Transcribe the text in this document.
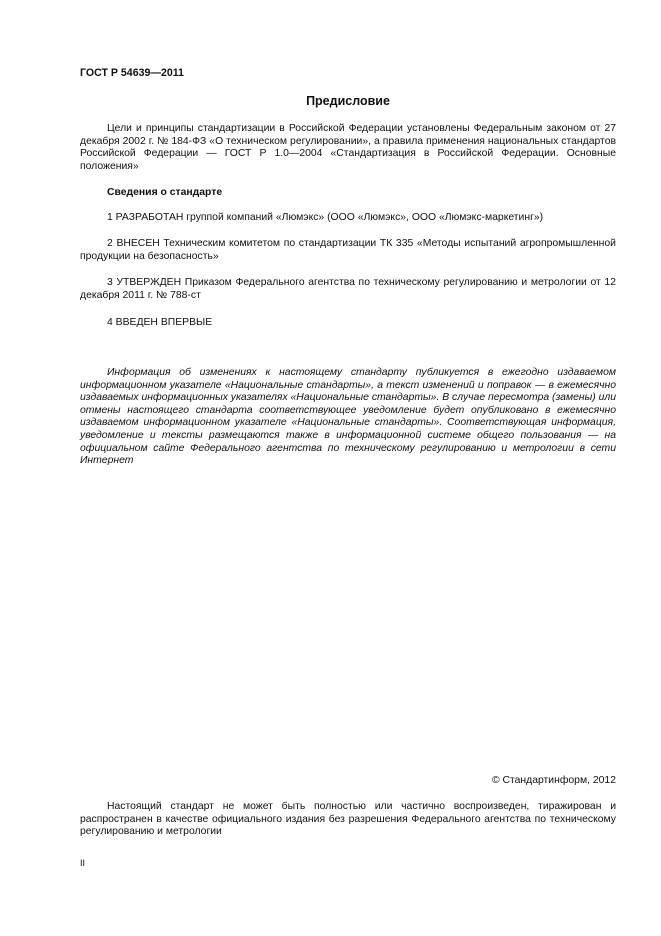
ГОСТ Р 54639—2011
Предисловие
Цели и принципы стандартизации в Российской Федерации установлены Федеральным законом от 27 декабря 2002 г. № 184-ФЗ «О техническом регулировании», а правила применения национальных стандартов Российской Федерации — ГОСТ Р 1.0—2004 «Стандартизация в Российской Федерации. Основные положения»
Сведения о стандарте
1 РАЗРАБОТАН группой компаний «Люмэкс» (ООО «Люмэкс», ООО «Люмэкс-маркетинг»)
2 ВНЕСЕН Техническим комитетом по стандартизации ТК 335 «Методы испытаний агропромышленной продукции на безопасность»
3 УТВЕРЖДЕН Приказом Федерального агентства по техническому регулированию и метрологии от 12 декабря 2011 г. № 788-ст
4 ВВЕДЕН ВПЕРВЫЕ
Информация об изменениях к настоящему стандарту публикуется в ежегодно издаваемом информационном указателе «Национальные стандарты», а текст изменений и поправок — в ежемесячно издаваемых информационных указателях «Национальные стандарты». В случае пересмотра (замены) или отмены настоящего стандарта соответствующее уведомление будет опубликовано в ежемесячно издаваемом информационном указателе «Национальные стандарты». Соответствующая информация, уведомление и тексты размещаются также в информационной системе общего пользования — на официальном сайте Федерального агентства по техническому регулированию и метрологии в сети Интернет
© Стандартинформ, 2012
Настоящий стандарт не может быть полностью или частично воспроизведен, тиражирован и распространен в качестве официального издания без разрешения Федерального агентства по техническому регулированию и метрологии
II
